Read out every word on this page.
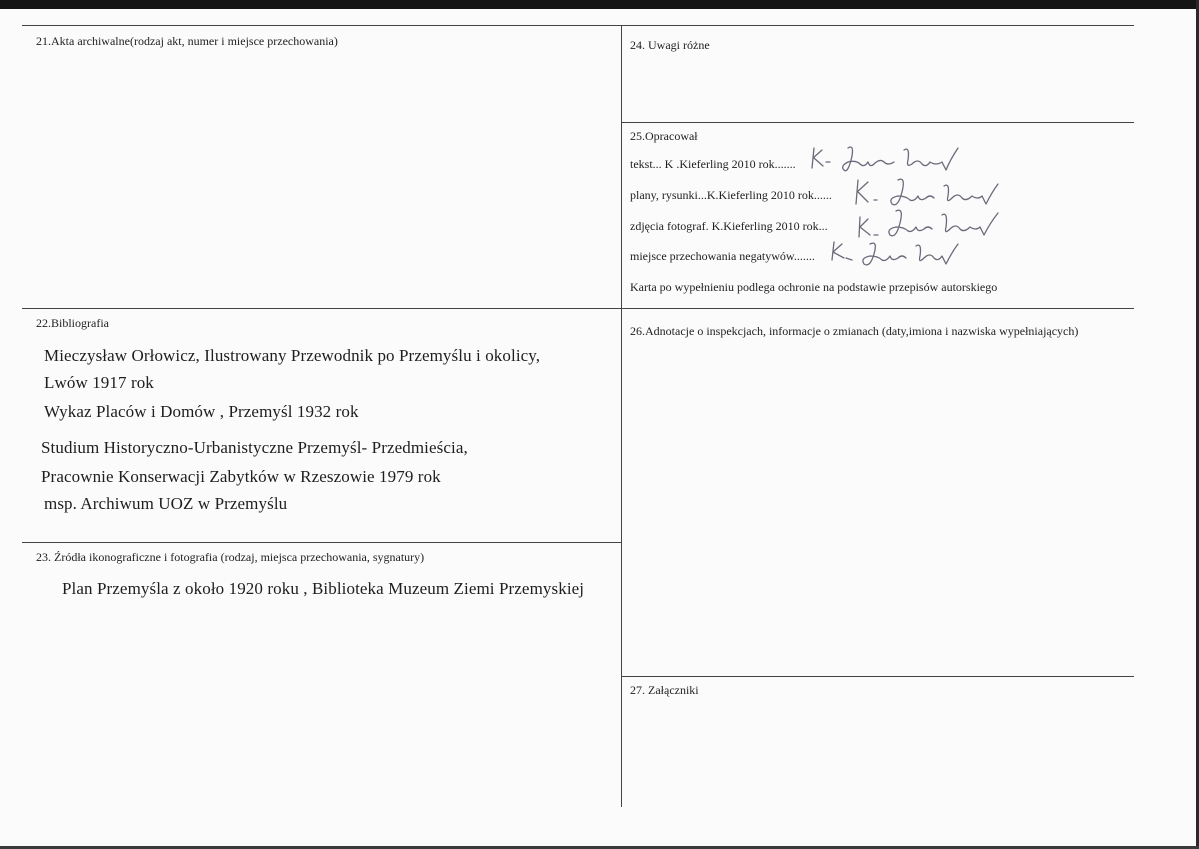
21.Akta archiwalne(rodzaj akt, numer i miejsce przechowania)	24. Uwagi różne
25.Opracował
tekst... K .Kieferling 2010 rok.......
plany, rysunki...K.Kieferling 2010 rok......
zdjęcia fotograf. K.Kieferling 2010 rok...
miejsce przechowania negatywów.......
Karta po wypełnieniu podlega ochronie na podstawie przepisów autorskiego
22.Bibliografia
Mieczysław Orłowicz, Ilustrowany Przewodnik po Przemyślu i okolicy,
Lwów 1917 rok
Wykaz Placów i Domów , Przemyśl 1932 rok
Studium Historyczno-Urbanistyczne Przemyśl- Przedmieścia,
Pracownie Konserwacji Zabytków w Rzeszowie 1979 rok
msp. Archiwum UOZ w Przemyślu
23. Źródła ikonograficzne i fotografia (rodzaj, miejsca przechowania, sygnatury)
Plan Przemyśla z około 1920 roku , Biblioteka Muzeum Ziemi Przemyskiej
26.Adnotacje o inspekcjach, informacje o zmianach (daty,imiona i nazwiska wypełniających)
27. Załączniki
